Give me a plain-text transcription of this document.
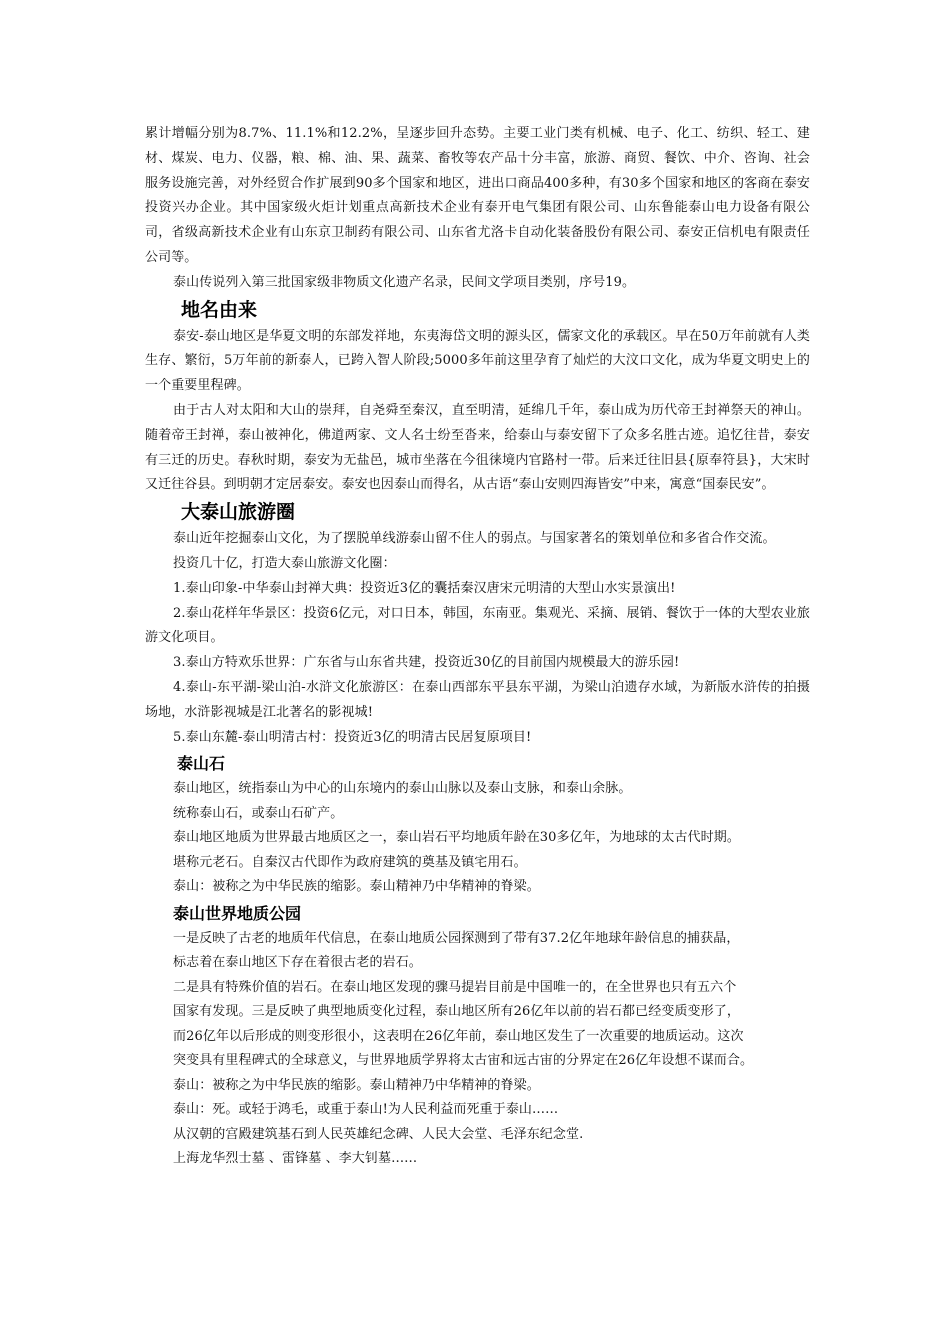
累计增幅分别为8.7%、11.1%和12.2%，呈逐步回升态势。主要工业门类有机械、电子、化工、纺织、轻工、建材、煤炭、电力、仪器，粮、棉、油、果、蔬菜、畜牧等农产品十分丰富，旅游、商贸、餐饮、中介、咨询、社会服务设施完善，对外经贸合作扩展到90多个国家和地区，进出口商品400多种，有30多个国家和地区的客商在泰安投资兴办企业。其中国家级火炬计划重点高新技术企业有泰开电气集团有限公司、山东鲁能泰山电力设备有限公司，省级高新技术企业有山东京卫制药有限公司、山东省尤洛卡自动化装备股份有限公司、泰安正信机电有限责任公司等。

泰山传说列入第三批国家级非物质文化遗产名录，民间文学项目类别，序号19。

地名由来

泰安-泰山地区是华夏文明的东部发祥地，东夷海岱文明的源头区，儒家文化的承载区。早在50万年前就有人类生存、繁衍，5万年前的新泰人，已跨入智人阶段;5000多年前这里孕育了灿烂的大汶口文化，成为华夏文明史上的一个重要里程碑。

由于古人对太阳和大山的崇拜，自尧舜至秦汉，直至明清，延绵几千年，泰山成为历代帝王封禅祭天的神山。随着帝王封禅，泰山被神化，佛道两家、文人名士纷至沓来，给泰山与泰安留下了众多名胜古迹。追忆往昔，泰安有三迁的历史。春秋时期，泰安为无盐邑，城市坐落在今徂徕境内官路村一带。后来迁往旧县{原奉符县}，大宋时又迁往谷县。到明朝才定居泰安。泰安也因泰山而得名，从古语“泰山安则四海皆安”中来，寓意“国泰民安”。

大泰山旅游圈

泰山近年挖掘泰山文化，为了摆脱单线游泰山留不住人的弱点。与国家著名的策划单位和多省合作交流。

投资几十亿，打造大泰山旅游文化圈：

1.泰山印象-中华泰山封禅大典：投资近3亿的囊括秦汉唐宋元明清的大型山水实景演出!

2.泰山花样年华景区：投资6亿元，对口日本，韩国，东南亚。集观光、采摘、展销、餐饮于一体的大型农业旅游文化项目。

3.泰山方特欢乐世界：广东省与山东省共建，投资近30亿的目前国内规模最大的游乐园!

4.泰山-东平湖-梁山泊-水浒文化旅游区：在泰山西部东平县东平湖，为梁山泊遗存水域，为新版水浒传的拍摄场地，水浒影视城是江北著名的影视城!

5.泰山东麓-泰山明清古村：投资近3亿的明清古民居复原项目!

泰山石

泰山地区，统指泰山为中心的山东境内的泰山山脉以及泰山支脉，和泰山余脉。

统称泰山石，或泰山石矿产。

泰山地区地质为世界最古地质区之一，泰山岩石平均地质年龄在30多亿年，为地球的太古代时期。

堪称元老石。自秦汉古代即作为政府建筑的奠基及镇宅用石。

泰山：被称之为中华民族的缩影。泰山精神乃中华精神的脊梁。

泰山世界地质公园

一是反映了古老的地质年代信息，在泰山地质公园探测到了带有37.2亿年地球年龄信息的捕获晶，

标志着在泰山地区下存在着很古老的岩石。

二是具有特殊价值的岩石。在泰山地区发现的骤马提岩目前是中国唯一的，在全世界也只有五六个

国家有发现。三是反映了典型地质变化过程，泰山地区所有26亿年以前的岩石都已经变质变形了，

而26亿年以后形成的则变形很小，这表明在26亿年前，泰山地区发生了一次重要的地质运动。这次

突变具有里程碑式的全球意义，与世界地质学界将太古宙和远古宙的分界定在26亿年设想不谋而合。

泰山：被称之为中华民族的缩影。泰山精神乃中华精神的脊梁。

泰山：死。或轻于鸿毛，或重于泰山!为人民利益而死重于泰山……

从汉朝的宫殿建筑基石到人民英雄纪念碑、人民大会堂、毛泽东纪念堂.

上海龙华烈士墓 、雷锋墓 、李大钊墓……
